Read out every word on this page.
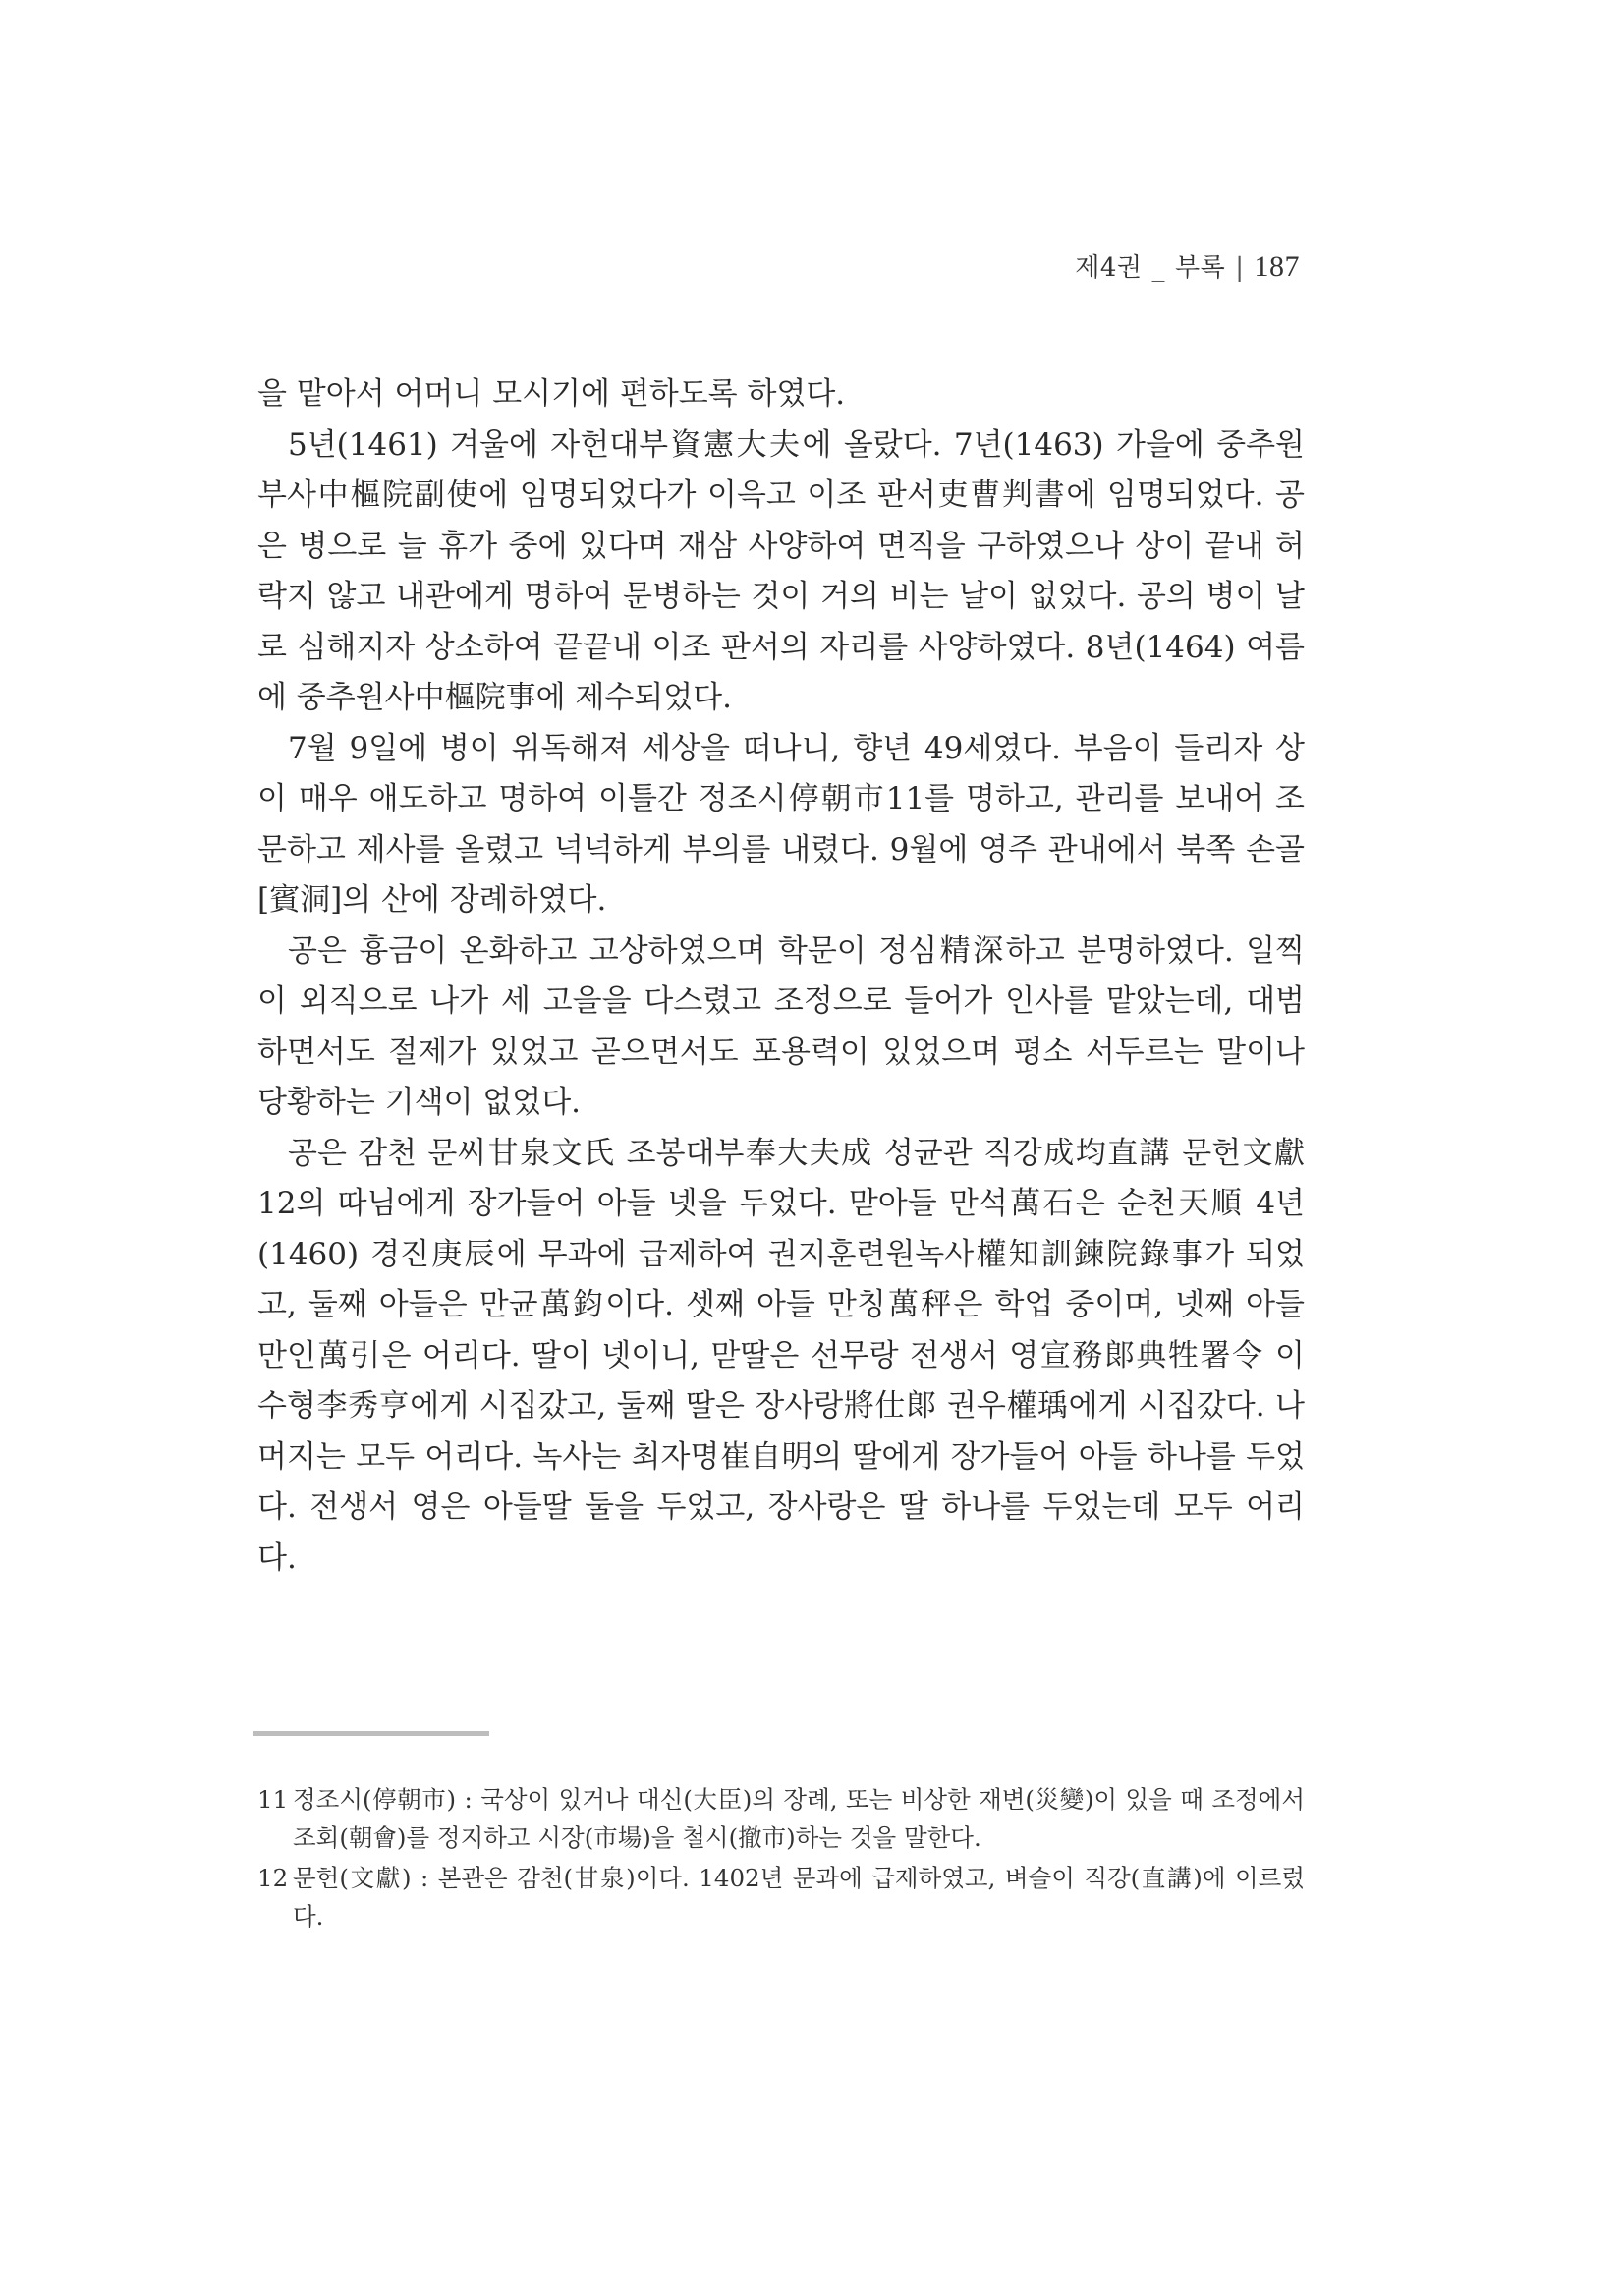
제4권 _ 부록 | 187

을 맡아서 어머니 모시기에 편하도록 하였다.

5년(1461) 겨울에 자헌대부資憲大夫에 올랐다. 7년(1463) 가을에 중추원 부사中樞院副使에 임명되었다가 이윽고 이조 판서吏曹判書에 임명되었다. 공은 병으로 늘 휴가 중에 있다며 재삼 사양하여 면직을 구하였으나 상이 끝내 허락지 않고 내관에게 명하여 문병하는 것이 거의 비는 날이 없었다. 공의 병이 날로 심해지자 상소하여 끝끝내 이조 판서의 자리를 사양하였다. 8년(1464) 여름에 중추원사中樞院事에 제수되었다.

7월 9일에 병이 위독해져 세상을 떠나니, 향년 49세였다. 부음이 들리자 상이 매우 애도하고 명하여 이틀간 정조시停朝市11를 명하고, 관리를 보내어 조문하고 제사를 올렸고 넉넉하게 부의를 내렸다. 9월에 영주 관내에서 북쪽 손골[賓洞]의 산에 장례하였다.

공은 흉금이 온화하고 고상하였으며 학문이 정심精深하고 분명하였다. 일찍이 외직으로 나가 세 고을을 다스렸고 조정으로 들어가 인사를 맡았는데, 대범하면서도 절제가 있었고 곧으면서도 포용력이 있었으며 평소 서두르는 말이나 당황하는 기색이 없었다.

공은 감천 문씨甘泉文氏 조봉대부奉大夫成 성균관 직강成均直講 문헌文獻12의 따님에게 장가들어 아들 넷을 두었다. 맏아들 만석萬石은 순천天順 4년(1460) 경진庚辰에 무과에 급제하여 권지훈련원녹사權知訓鍊院錄事가 되었고, 둘째 아들은 만균萬鈞이다. 셋째 아들 만칭萬秤은 학업 중이며, 넷째 아들 만인萬引은 어리다. 딸이 넷이니, 맏딸은 선무랑 전생서 영宣務郞典牲署令 이수형李秀亨에게 시집갔고, 둘째 딸은 장사랑將仕郞 권우權瑀에게 시집갔다. 나머지는 모두 어리다. 녹사는 최자명崔自明의 딸에게 장가들어 아들 하나를 두었다. 전생서 영은 아들딸 둘을 두었고, 장사랑은 딸 하나를 두었는데 모두 어리다.

11 정조시(停朝市) : 국상이 있거나 대신(大臣)의 장례, 또는 비상한 재변(災變)이 있을 때 조정에서 조회(朝會)를 정지하고 시장(市場)을 철시(撤市)하는 것을 말한다.
12 문헌(文獻) : 본관은 감천(甘泉)이다. 1402년 문과에 급제하였고, 벼슬이 직강(直講)에 이르렀다.
